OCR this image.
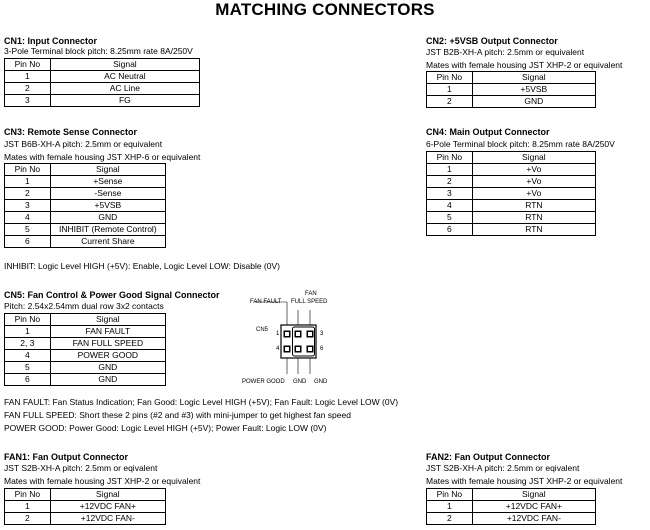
MATCHING CONNECTORS
CN1: Input Connector
3-Pole Terminal block pitch: 8.25mm rate 8A/250V
Pin No	Signal
1	AC Neutral
2	AC Line
3	FG
CN2: +5VSB Output Connector
JST B2B-XH-A pitch: 2.5mm or equivalent
Mates with female housing JST XHP-2 or equivalent
Pin No	Signal
1	+5VSB
2	GND
CN3: Remote Sense Connector
JST B6B-XH-A pitch: 2.5mm or equivalent
Mates with female housing JST XHP-6 or equivalent
Pin No	Signal
1	+Sense
2	-Sense
3	+5VSB
4	GND
5	INHIBIT (Remote Control)
6	Current Share
INHIBIT: Logic Level HIGH (+5V): Enable, Logic Level LOW: Disable (0V)
CN4: Main Output Connector
6-Pole Terminal block pitch: 8.25mm rate 8A/250V
Pin No	Signal
1	+Vo
2	+Vo
3	+Vo
4	RTN
5	RTN
6	RTN
CN5: Fan Control & Power Good Signal Connector
Pitch: 2.54x2.54mm dual row 3x2 contacts
Pin No	Signal
1	FAN FAULT
2, 3	FAN FULL SPEED
4	POWER GOOD
5	GND
6	GND
FAN FAULT
FAN
FULL SPEED
CN5
1	3
4	6
POWER GOOD GND GND
FAN FAULT: Fan Status Indication; Fan Good: Logic Level HIGH (+5V); Fan Fault: Logic Level LOW (0V)
FAN FULL SPEED: Short these 2 pins (#2 and #3) with mini-jumper to get highest fan speed
POWER GOOD: Power Good: Logic Level HIGH (+5V); Power Fault: Logic LOW (0V)
FAN1: Fan Output Connector
JST S2B-XH-A pitch: 2.5mm or eqivalent
Mates with female housing JST XHP-2 or equivalent
Pin No	Signal
1	+12VDC FAN+
2	+12VDC FAN-
FAN2: Fan Output Connector
JST S2B-XH-A pitch: 2.5mm or eqivalent
Mates with female housing JST XHP-2 or equivalent
Pin No	Signal
1	+12VDC FAN+
2	+12VDC FAN-
